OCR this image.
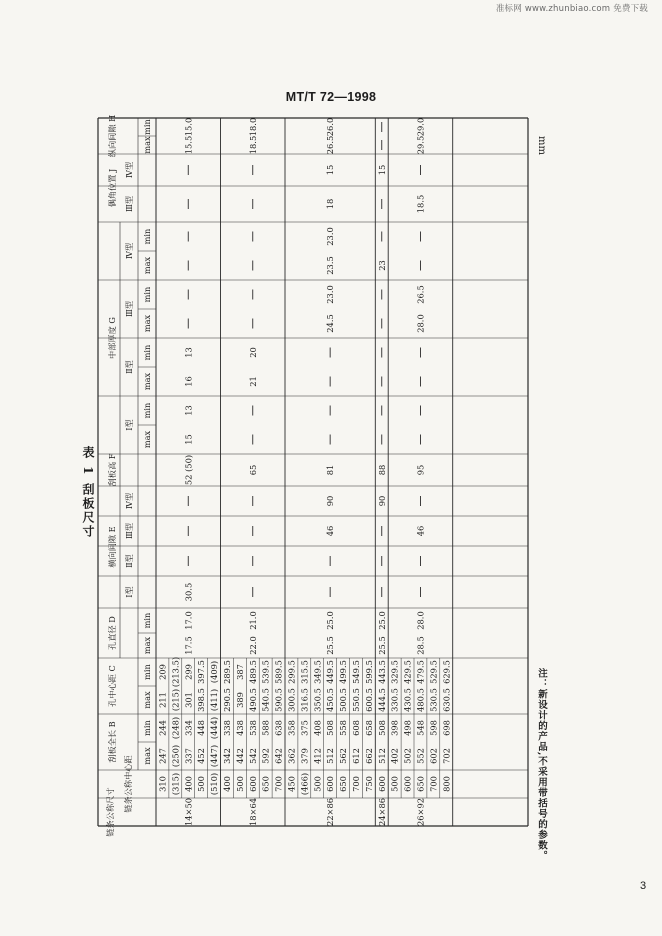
准标网 www.zhunbiao.com 免费下载
MT/T 72—1998
mm
表 1 刮板尺寸
注：新设计的产品,不采用带括号的参数。
3
链条公称尺寸 链条公称中心距
刮板全长 B
孔中心距 C
孔直径 D
横向间隙 E
刮板高 F
中部厚度 G
偶角位置 J
纵向间隙 H
Ⅰ型
Ⅱ型
Ⅲ型
Ⅳ型
Ⅰ型
Ⅱ型
Ⅲ型
Ⅳ型
Ⅲ型
Ⅳ型
min
max
min
max
min
max
min
max
min
max
min
max
min
max
min
max
310
247
244
211
209
(315)
(250)
(248)
(215)
(213.5)
400
337
334
301
299
500
452
448
398.5
397.5
(510)
(447)
(444)
(411)
(409)
14×50
17.5
17.0
30.5
52 (50)
15
13
16
13
15.5
15.0
400
342
338
290.5
289.5
500
442
438
389
387
600
542
538
490.5
489.5
650
592
588
540.5
539.5
700
642
638
590.5
589.5
18×64
22.0
21.0
65
21
20
18.5
18.0
450
362
358
300.5
299.5
(466)
379
375
316.5
315.5
500
412
408
350.5
349.5
600
512
508
450.5
449.5
650
562
558
500.5
499.5
700
612
608
550.5
549.5
750
662
658
600.5
599.5
22×86
25.5
25.0
46
90
81
24.5
23.0
23.5
23.0
18
15
26.5
26.0
600
512
508
444.5
443.5
24×86
25.5
25.0
90
88
23
15
500
402
398
330.5
329.5
600
502
498
430.5
429.5
650
552
548
480.5
479.5
700
602
598
530.5
529.5
800
702
698
630.5
629.5
26×92
28.5
28.0
46
95
28.0
26.5
18.5
29.5
29.0
